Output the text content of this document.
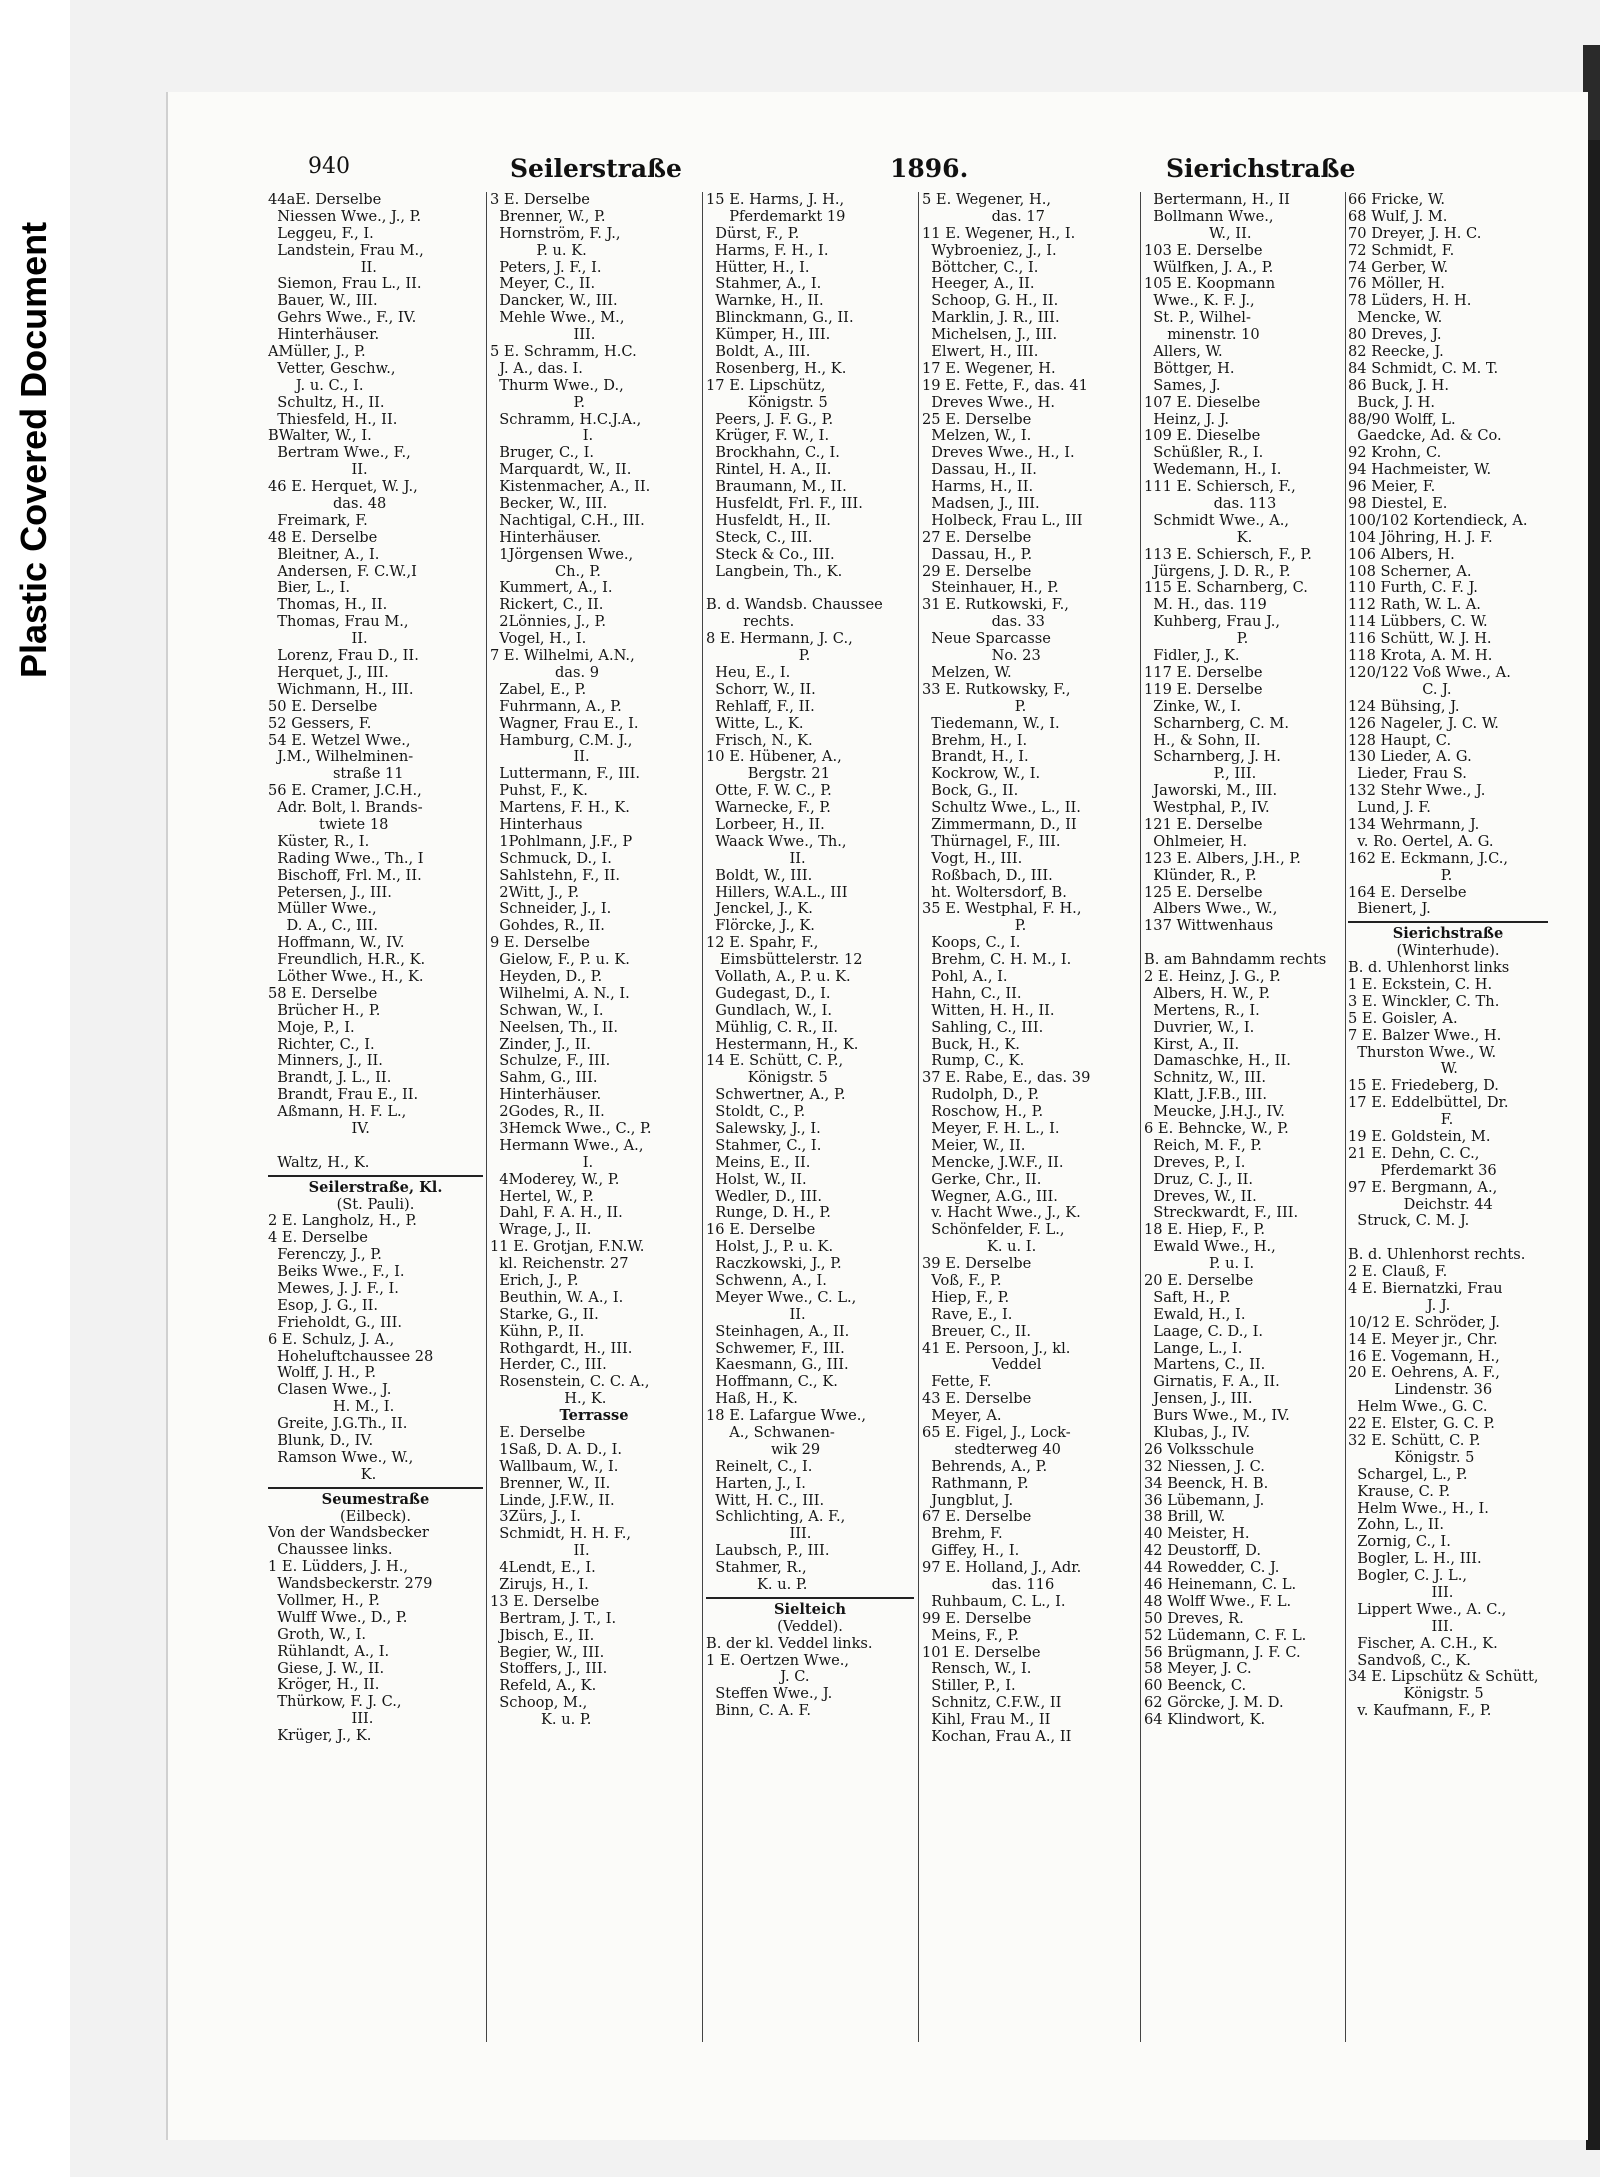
Plastic Covered Document
940	Seilerstraße	1896.	Sierichstraße
44aE. Derselbe
Niessen Wwe., J., P.
Leggeu, F., I.
Landstein, Frau M.,
II.
Siemon, Frau L., II.
Bauer, W., III.
Gehrs Wwe., F., IV.
Hinterhäuser.
AMüller, J., P.
Vetter, Geschw.,
J. u. C., I.
Schultz, H., II.
Thiesfeld, H., II.
BWalter, W., I.
Bertram Wwe., F.,
II.
46 E. Herquet, W. J.,
das. 48
Freimark, F.
48 E. Derselbe
Bleitner, A., I.
Andersen, F. C.W.,I
Bier, L., I.
Thomas, H., II.
Thomas, Frau M.,
II.
Lorenz, Frau D., II.
Herquet, J., III.
Wichmann, H., III.
50 E. Derselbe
52 Gessers, F.
54 E. Wetzel Wwe.,
J.M., Wilhelminen-
straße 11
56 E. Cramer, J.C.H.,
Adr. Bolt, l. Brands-
twiete 18
Küster, R., I.
Rading Wwe., Th., I
Bischoff, Frl. M., II.
Petersen, J., III.
Müller Wwe.,
D. A., C., III.
Hoffmann, W., IV.
Freundlich, H.R., K.
Löther Wwe., H., K.
58 E. Derselbe
Brücher H., P.
Moje, P., I.
Richter, C., I.
Minners, J., II.
Brandt, J. L., II.
Brandt, Frau E., II.
Aßmann, H. F. L.,
IV.
Waltz, H., K.
Seilerstraße, Kl.
(St. Pauli).
2 E. Langholz, H., P.
4 E. Derselbe
Ferenczy, J., P.
Beiks Wwe., F., I.
Mewes, J. J. F., I.
Esop, J. G., II.
Frieholdt, G., III.
6 E. Schulz, J. A.,
Hoheluftchaussee 28
Wolff, J. H., P.
Clasen Wwe., J.
H. M., I.
Greite, J.G.Th., II.
Blunk, D., IV.
Ramson Wwe., W.,
K.
Seumestraße
(Eilbeck).
Von der Wandsbecker
Chaussee links.
1 E. Lüdders, J. H.,
Wandsbeckerstr. 279
Vollmer, H., P.
Wulff Wwe., D., P.
Groth, W., I.
Rühlandt, A., I.
Giese, J. W., II.
Kröger, H., II.
Thürkow, F. J. C.,
III.
Krüger, J., K.
3 E. Derselbe
Brenner, W., P.
Hornström, F. J.,
P. u. K.
Peters, J. F., I.
Meyer, C., II.
Dancker, W., III.
Mehle Wwe., M.,
III.
5 E. Schramm, H.C.
J. A., das. I.
Thurm Wwe., D.,
P.
Schramm, H.C.J.A.,
I.
Bruger, C., I.
Marquardt, W., II.
Kistenmacher, A., II.
Becker, W., III.
Nachtigal, C.H., III.
Hinterhäuser.
1Jörgensen Wwe.,
Ch., P.
Kummert, A., I.
Rickert, C., II.
2Lönnies, J., P.
Vogel, H., I.
7 E. Wilhelmi, A.N.,
das. 9
Zabel, E., P.
Fuhrmann, A., P.
Wagner, Frau E., I.
Hamburg, C.M. J.,
II.
Luttermann, F., III.
Puhst, F., K.
Martens, F. H., K.
Hinterhaus
1Pohlmann, J.F., P
Schmuck, D., I.
Sahlstehn, F., II.
2Witt, J., P.
Schneider, J., I.
Gohdes, R., II.
9 E. Derselbe
Gielow, F., P. u. K.
Heyden, D., P.
Wilhelmi, A. N., I.
Schwan, W., I.
Neelsen, Th., II.
Zinder, J., II.
Schulze, F., III.
Sahm, G., III.
Hinterhäuser.
2Godes, R., II.
3Hemck Wwe., C., P.
Hermann Wwe., A.,
I.
4Moderey, W., P.
Hertel, W., P.
Dahl, F. A. H., II.
Wrage, J., II.
11 E. Grotjan, F.N.W.
kl. Reichenstr. 27
Erich, J., P.
Beuthin, W. A., I.
Starke, G., II.
Kühn, P., II.
Rothgardt, H., III.
Herder, C., III.
Rosenstein, C. C. A.,
H., K.
Terrasse
E. Derselbe
1Saß, D. A. D., I.
Wallbaum, W., I.
Brenner, W., II.
Linde, J.F.W., II.
3Zürs, J., I.
Schmidt, H. H. F.,
II.
4Lendt, E., I.
Zirujs, H., I.
13 E. Derselbe
Bertram, J. T., I.
Jbisch, E., II.
Begier, W., III.
Stoffers, J., III.
Refeld, A., K.
Schoop, M.,
K. u. P.
15 E. Harms, J. H.,
Pferdemarkt 19
Dürst, F., P.
Harms, F. H., I.
Hütter, H., I.
Stahmer, A., I.
Warnke, H., II.
Blinckmann, G., II.
Kümper, H., III.
Boldt, A., III.
Rosenberg, H., K.
17 E. Lipschütz,
Königstr. 5
Peers, J. F. G., P.
Krüger, F. W., I.
Brockhahn, C., I.
Rintel, H. A., II.
Braumann, M., II.
Husfeldt, Frl. F., III.
Husfeldt, H., II.
Steck, C., III.
Steck & Co., III.
Langbein, Th., K.
B. d. Wandsb. Chaussee
rechts.
8 E. Hermann, J. C.,
P.
Heu, E., I.
Schorr, W., II.
Rehlaff, F., II.
Witte, L., K.
Frisch, N., K.
10 E. Hübener, A.,
Bergstr. 21
Otte, F. W. C., P.
Warnecke, F., P.
Lorbeer, H., II.
Waack Wwe., Th.,
II.
Boldt, W., III.
Hillers, W.A.L., III
Jenckel, J., K.
Flörcke, J., K.
12 E. Spahr, F.,
Eimsbüttelerstr. 12
Vollath, A., P. u. K.
Gudegast, D., I.
Gundlach, W., I.
Mühlig, C. R., II.
Hestermann, H., K.
14 E. Schütt, C. P.,
Königstr. 5
Schwertner, A., P.
Stoldt, C., P.
Salewsky, J., I.
Stahmer, C., I.
Meins, E., II.
Holst, W., II.
Wedler, D., III.
Runge, D. H., P.
16 E. Derselbe
Holst, J., P. u. K.
Raczkowski, J., P.
Schwenn, A., I.
Meyer Wwe., C. L.,
II.
Steinhagen, A., II.
Schwemer, F., III.
Kaesmann, G., III.
Hoffmann, C., K.
Haß, H., K.
18 E. Lafargue Wwe.,
A., Schwanen-
wik 29
Reinelt, C., I.
Harten, J., I.
Witt, H. C., III.
Schlichting, A. F.,
III.
Laubsch, P., III.
Stahmer, R.,
K. u. P.
Sielteich
(Veddel).
B. der kl. Veddel links.
1 E. Oertzen Wwe.,
J. C.
Steffen Wwe., J.
Binn, C. A. F.
5 E. Wegener, H.,
das. 17
11 E. Wegener, H., I.
Wybroeniez, J., I.
Böttcher, C., I.
Heeger, A., II.
Schoop, G. H., II.
Marklin, J. R., III.
Michelsen, J., III.
Elwert, H., III.
17 E. Wegener, H.
19 E. Fette, F., das. 41
Dreves Wwe., H.
25 E. Derselbe
Melzen, W., I.
Dreves Wwe., H., I.
Dassau, H., II.
Harms, H., II.
Madsen, J., III.
Holbeck, Frau L., III
27 E. Derselbe
Dassau, H., P.
29 E. Derselbe
Steinhauer, H., P.
31 E. Rutkowski, F.,
das. 33
Neue Sparcasse
No. 23
Melzen, W.
33 E. Rutkowsky, F.,
P.
Tiedemann, W., I.
Brehm, H., I.
Brandt, H., I.
Kockrow, W., I.
Bock, G., II.
Schultz Wwe., L., II.
Zimmermann, D., II
Thürnagel, F., III.
Vogt, H., III.
Roßbach, D., III.
ht. Woltersdorf, B.
35 E. Westphal, F. H.,
P.
Koops, C., I.
Brehm, C. H. M., I.
Pohl, A., I.
Hahn, C., II.
Witten, H. H., II.
Sahling, C., III.
Buck, H., K.
Rump, C., K.
37 E. Rabe, E., das. 39
Rudolph, D., P.
Roschow, H., P.
Meyer, F. H. L., I.
Meier, W., II.
Mencke, J.W.F., II.
Gerke, Chr., II.
Wegner, A.G., III.
v. Hacht Wwe., J., K.
Schönfelder, F. L.,
K. u. I.
39 E. Derselbe
Voß, F., P.
Hiep, F., P.
Rave, E., I.
Breuer, C., II.
41 E. Persoon, J., kl.
Veddel
Fette, F.
43 E. Derselbe
Meyer, A.
65 E. Figel, J., Lock-
stedterweg 40
Behrends, A., P.
Rathmann, P.
Jungblut, J.
67 E. Derselbe
Brehm, F.
Giffey, H., I.
97 E. Holland, J., Adr.
das. 116
Ruhbaum, C. L., I.
99 E. Derselbe
Meins, F., P.
101 E. Derselbe
Rensch, W., I.
Stiller, P., I.
Schnitz, C.F.W., II
Kihl, Frau M., II
Kochan, Frau A., II
Bertermann, H., II
Bollmann Wwe.,
W., II.
103 E. Derselbe
Wülfken, J. A., P.
105 E. Koopmann
Wwe., K. F. J.,
St. P., Wilhel-
minenstr. 10
Allers, W.
Böttger, H.
Sames, J.
107 E. Dieselbe
Heinz, J. J.
109 E. Dieselbe
Schüßler, R., I.
Wedemann, H., I.
111 E. Schiersch, F.,
das. 113
Schmidt Wwe., A.,
K.
113 E. Schiersch, F., P.
Jürgens, J. D. R., P.
115 E. Scharnberg, C.
M. H., das. 119
Kuhberg, Frau J.,
P.
Fidler, J., K.
117 E. Derselbe
119 E. Derselbe
Zinke, W., I.
Scharnberg, C. M.
H., & Sohn, II.
Scharnberg, J. H.
P., III.
Jaworski, M., III.
Westphal, P., IV.
121 E. Derselbe
Ohlmeier, H.
123 E. Albers, J.H., P.
Klünder, R., P.
125 E. Derselbe
Albers Wwe., W.,
137 Wittwenhaus
B. am Bahndamm rechts
2 E. Heinz, J. G., P.
Albers, H. W., P.
Mertens, R., I.
Duvrier, W., I.
Kirst, A., II.
Damaschke, H., II.
Schnitz, W., III.
Klatt, J.F.B., III.
Meucke, J.H.J., IV.
6 E. Behncke, W., P.
Reich, M. F., P.
Dreves, P., I.
Druz, C. J., II.
Dreves, W., II.
Streckwardt, F., III.
18 E. Hiep, F., P.
Ewald Wwe., H.,
P. u. I.
20 E. Derselbe
Saft, H., P.
Ewald, H., I.
Laage, C. D., I.
Lange, L., I.
Martens, C., II.
Girnatis, F. A., II.
Jensen, J., III.
Burs Wwe., M., IV.
Klubas, J., IV.
26 Volksschule
32 Niessen, J. C.
34 Beenck, H. B.
36 Lübemann, J.
38 Brill, W.
40 Meister, H.
42 Deustorff, D.
44 Rowedder, C. J.
46 Heinemann, C. L.
48 Wolff Wwe., F. L.
50 Dreves, R.
52 Lüdemann, C. F. L.
56 Brügmann, J. F. C.
58 Meyer, J. C.
60 Beenck, C.
62 Görcke, J. M. D.
64 Klindwort, K.
66 Fricke, W.
68 Wulf, J. M.
70 Dreyer, J. H. C.
72 Schmidt, F.
74 Gerber, W.
76 Möller, H.
78 Lüders, H. H.
Mencke, W.
80 Dreves, J.
82 Reecke, J.
84 Schmidt, C. M. T.
86 Buck, J. H.
Buck, J. H.
88/90 Wolff, L.
Gaedcke, Ad. & Co.
92 Krohn, C.
94 Hachmeister, W.
96 Meier, F.
98 Diestel, E.
100/102 Kortendieck, A.
104 Jöhring, H. J. F.
106 Albers, H.
108 Scherner, A.
110 Furth, C. F. J.
112 Rath, W. L. A.
114 Lübbers, C. W.
116 Schütt, W. J. H.
118 Krota, A. M. H.
120/122 Voß Wwe., A.
C. J.
124 Bühsing, J.
126 Nageler, J. C. W.
128 Haupt, C.
130 Lieder, A. G.
Lieder, Frau S.
132 Stehr Wwe., J.
Lund, J. F.
134 Wehrmann, J.
v. Ro. Oertel, A. G.
162 E. Eckmann, J.C.,
P.
164 E. Derselbe
Bienert, J.
Sierichstraße
(Winterhude).
B. d. Uhlenhorst links
1 E. Eckstein, C. H.
3 E. Winckler, C. Th.
5 E. Goisler, A.
7 E. Balzer Wwe., H.
Thurston Wwe., W.
W.
15 E. Friedeberg, D.
17 E. Eddelbüttel, Dr.
F.
19 E. Goldstein, M.
21 E. Dehn, C. C.,
Pferdemarkt 36
97 E. Bergmann, A.,
Deichstr. 44
Struck, C. M. J.
B. d. Uhlenhorst rechts.
2 E. Clauß, F.
4 E. Biernatzki, Frau
J. J.
10/12 E. Schröder, J.
14 E. Meyer jr., Chr.
16 E. Vogemann, H.,
20 E. Oehrens, A. F.,
Lindenstr. 36
Helm Wwe., G. C.
22 E. Elster, G. C. P.
32 E. Schütt, C. P.
Königstr. 5
Schargel, L., P.
Krause, C. P.
Helm Wwe., H., I.
Zohn, L., II.
Zornig, C., I.
Bogler, L. H., III.
Bogler, C. J. L.,
III.
Lippert Wwe., A. C.,
III.
Fischer, A. C.H., K.
Sandvoß, C., K.
34 E. Lipschütz & Schütt,
Königstr. 5
v. Kaufmann, F., P.
